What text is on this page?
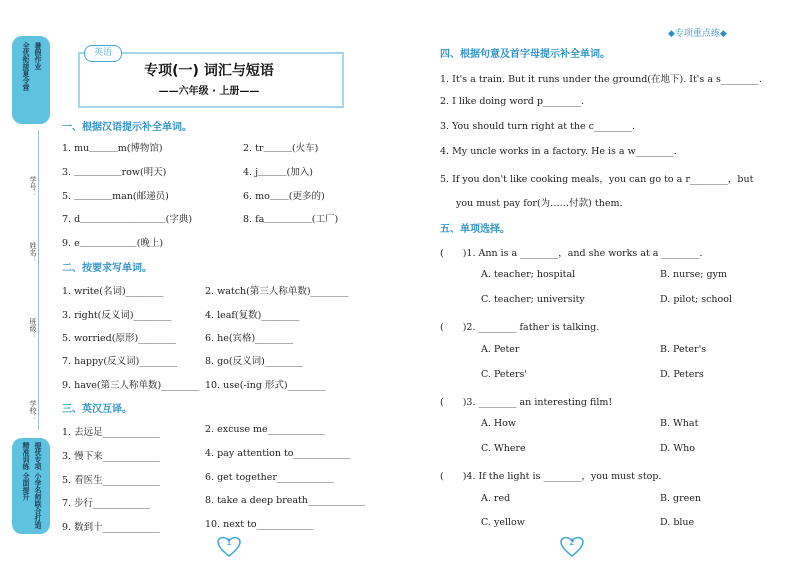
暑假作业
全优衔接夏令营
学号：
姓名：
班级：
学校：
提优专项 小学名师联合打造
精准训练 全面提升
英语
专项(一) 词汇与短语
——六年级 · 上册——
◆专项重点练◆
一、根据汉语提示补全单词。
1. mu＿＿＿m(博物馆)	2. tr＿＿＿(火车)
3. ＿＿＿＿＿row(明天)	4. j＿＿＿(加入)
5. ＿＿＿＿man(邮递员)	6. mo＿＿(更多的)
7. d＿＿＿＿＿＿＿＿＿(字典)	8. fa＿＿＿＿＿(工厂)
9. e＿＿＿＿＿＿(晚上)
二、按要求写单词。
1. write(名词)________	2. watch(第三人称单数)________
3. right(反义词)________	4. leaf(复数)________
5. worried(原形)________	6. he(宾格)________
7. happy(反义词)________	8. go(反义词)________
9. have(第三人称单数)________ 10. use(-ing 形式)________
三、英汉互译。
1. 去远足____________	2. excuse me____________
3. 慢下来____________	4. pay attention to____________
5. 看医生____________	6. get together____________
7. 步行____________	8. take a deep breath____________
9. 数到十____________	10. next to____________
1
四、根据句意及首字母提示补全单词。
1. It's a train. But it runs under the ground(在地下). It's a s________.
2. I like doing word p________.
3. You should turn right at the c________.
4. My uncle works in a factory. He is a w________.
5. If you don't like cooking meals，you can go to a r________，but
you must pay for(为……付款) them.
五、单项选择。
(　　)1. Ann is a ________，and she works at a ________.
A. teacher; hospital	B. nurse; gym
C. teacher; university	D. pilot; school
(　　)2. ________ father is talking.
A. Peter	B. Peter's
C. Peters'	D. Peters
(　　)3. ________ an interesting film!
A. How	B. What
C. Where	D. Who
(　　)4. If the light is ________，you must stop.
A. red	B. green
C. yellow	D. blue
2
